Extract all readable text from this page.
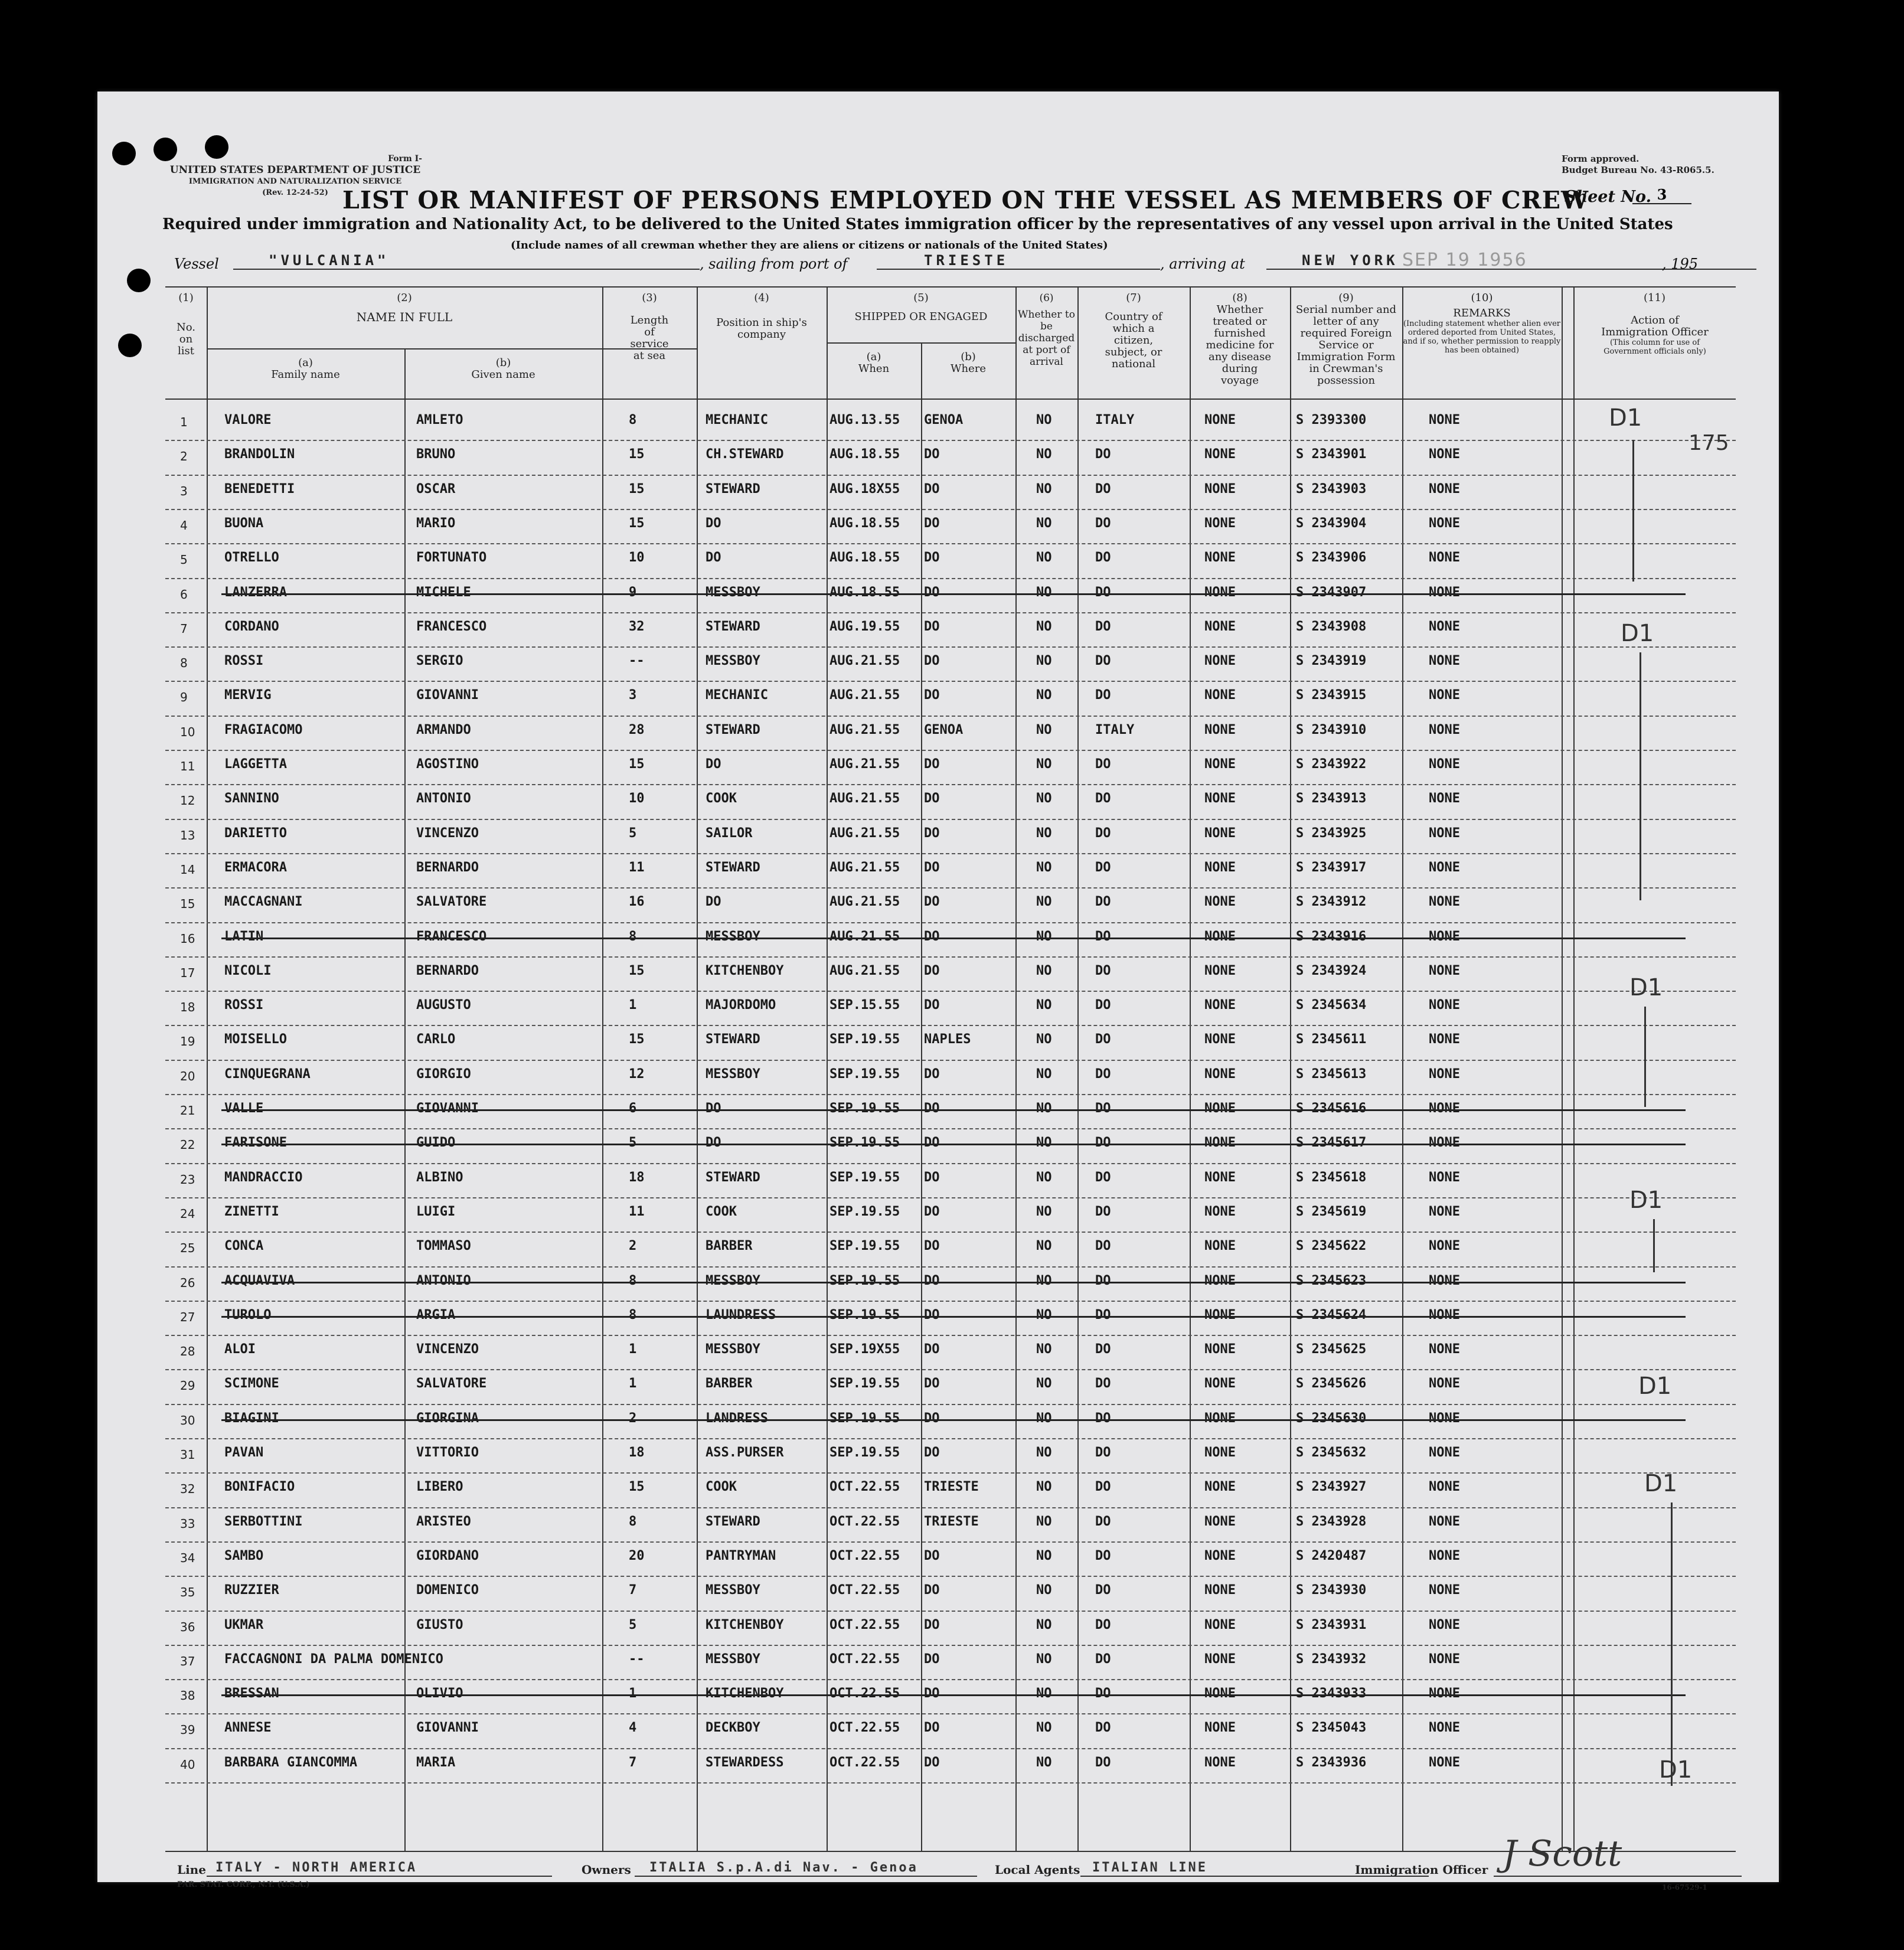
Form I-
UNITED STATES DEPARTMENT OF JUSTICE
IMMIGRATION AND NATURALIZATION SERVICE
(Rev. 12-24-52)
Form approved.
Budget Bureau No. 43-R065.5.
LIST OR MANIFEST OF PERSONS EMPLOYED ON THE VESSEL AS MEMBERS OF CREW
Sheet No. 3
Required under immigration and Nationality Act, to be delivered to the United States immigration officer by the representatives of any vessel upon arrival in the United States
(Include names of all crewman whether they are aliens or citizens or nationals of the United States)
Vessel	"VULCANIA"	, sailing from port of	TRIESTE	, arriving at	NEW YORK SEP 19 1956	, 195
(1)
No. on list
(2)
NAME IN FULL
(a)
Family name
(b)
Given name
(3)
Length of service at sea
(4)
Position in ship's company
(5)
SHIPPED OR ENGAGED
(a)
When
(b)
Where
(6)
Whether to be discharged at port of arrival
(7)
Country of which a citizen, subject, or national
(8)
Whether treated or furnished medicine for any disease during voyage
(9)
Serial number and letter of any required Foreign Service or Immigration Form in Crewman's possession
(10)
REMARKS
(Including statement whether alien ever ordered deported from United States, and if so, whether permission to reapply has been obtained)
(11)
Action of Immigration Officer
(This column for use of Government officials only)
1	VALORE	AMLETO	8	MECHANIC	AUG.13.55 GENOA	NO	ITALY	NONE	S 2393300	NONE
2	BRANDOLIN	BRUNO	15	CH.STEWARD	AUG.18.55 DO	NO	DO	NONE	S 2343901	NONE
3	BENEDETTI	OSCAR	15	STEWARD	AUG.18X55 DO	NO	DO	NONE	S 2343903	NONE
4	BUONA	MARIO	15	DO	AUG.18.55 DO	NO	DO	NONE	S 2343904	NONE
5	OTRELLO	FORTUNATO	10	DO	AUG.18.55 DO	NO	DO	NONE	S 2343906	NONE
6	LANZERRA	MICHELE	9	MESSBOY	AUG.18.55 DO	NO	DO	NONE	S 2343907	NONE
7	CORDANO	FRANCESCO	32	STEWARD	AUG.19.55 DO	NO	DO	NONE	S 2343908	NONE
8	ROSSI	SERGIO	--	MESSBOY	AUG.21.55 DO	NO	DO	NONE	S 2343919	NONE
9	MERVIG	GIOVANNI	3	MECHANIC	AUG.21.55 DO	NO	DO	NONE	S 2343915	NONE
10 FRAGIACOMO	ARMANDO	28	STEWARD	AUG.21.55 GENOA	NO	ITALY	NONE	S 2343910	NONE
11 LAGGETTA	AGOSTINO	15	DO	AUG.21.55 DO	NO	DO	NONE	S 2343922	NONE
12 SANNINO	ANTONIO	10	COOK	AUG.21.55 DO	NO	DO	NONE	S 2343913	NONE
13 DARIETTO	VINCENZO	5	SAILOR	AUG.21.55 DO	NO	DO	NONE	S 2343925	NONE
14 ERMACORA	BERNARDO	11	STEWARD	AUG.21.55 DO	NO	DO	NONE	S 2343917	NONE
15 MACCAGNANI	SALVATORE	16	DO	AUG.21.55 DO	NO	DO	NONE	S 2343912	NONE
16 LATIN	FRANCESCO	8	MESSBOY	AUG.21.55 DO	NO	DO	NONE	S 2343916	NONE
17 NICOLI	BERNARDO	15	KITCHENBOY	AUG.21.55 DO	NO	DO	NONE	S 2343924	NONE
18 ROSSI	AUGUSTO	1	MAJORDOMO	SEP.15.55 DO	NO	DO	NONE	S 2345634	NONE
19 MOISELLO	CARLO	15	STEWARD	SEP.19.55 NAPLES	NO	DO	NONE	S 2345611	NONE
20 CINQUEGRANA	GIORGIO	12	MESSBOY	SEP.19.55 DO	NO	DO	NONE	S 2345613	NONE
21 VALLE	GIOVANNI	6	DO	SEP.19.55 DO	NO	DO	NONE	S 2345616	NONE
22 FARISONE	GUIDO	5	DO	SEP.19.55 DO	NO	DO	NONE	S 2345617	NONE
23 MANDRACCIO	ALBINO	18	STEWARD	SEP.19.55 DO	NO	DO	NONE	S 2345618	NONE
24 ZINETTI	LUIGI	11	COOK	SEP.19.55 DO	NO	DO	NONE	S 2345619	NONE
25 CONCA	TOMMASO	2	BARBER	SEP.19.55 DO	NO	DO	NONE	S 2345622	NONE
26 ACQUAVIVA	ANTONIO	8	MESSBOY	SEP.19.55 DO	NO	DO	NONE	S 2345623	NONE
27 TUROLO	ARGIA	8	LAUNDRESS	SEP.19.55 DO	NO	DO	NONE	S 2345624	NONE
28 ALOI	VINCENZO	1	MESSBOY	SEP.19X55 DO	NO	DO	NONE	S 2345625	NONE
29 SCIMONE	SALVATORE	1	BARBER	SEP.19.55 DO	NO	DO	NONE	S 2345626	NONE
30 BIAGINI	GIORGINA	2	LANDRESS	SEP.19.55 DO	NO	DO	NONE	S 2345630	NONE
31 PAVAN	VITTORIO	18	ASS.PURSER	SEP.19.55 DO	NO	DO	NONE	S 2345632	NONE
32 BONIFACIO	LIBERO	15	COOK	OCT.22.55 TRIESTE	NO	DO	NONE	S 2343927	NONE
33 SERBOTTINI	ARISTEO	8	STEWARD	OCT.22.55 TRIESTE	NO	DO	NONE	S 2343928	NONE
34 SAMBO	GIORDANO	20	PANTRYMAN	OCT.22.55 DO	NO	DO	NONE	S 2420487	NONE
35 RUZZIER	DOMENICO	7	MESSBOY	OCT.22.55 DO	NO	DO	NONE	S 2343930	NONE
36 UKMAR	GIUSTO	5	KITCHENBOY	OCT.22.55 DO	NO	DO	NONE	S 2343931	NONE
37 FACCAGNONI DA PALMA DOMENICO	--	MESSBOY	OCT.22.55 DO	NO	DO	NONE	S 2343932	NONE
38 BRESSAN	OLIVIO	1	KITCHENBOY	OCT.22.55 DO	NO	DO	NONE	S 2343933	NONE
39 ANNESE	GIOVANNI	4	DECKBOY	OCT.22.55 DO	NO	DO	NONE	S 2345043	NONE
40 BARBARA GIANCOMMA	MARIA	7	STEWARDESS	OCT.22.55 DO	NO	DO	NONE	S 2343936	NONE
D1
175
D1
D1
D1
D1
D1
D1
Line ITALY - NORTH AMERICA	Owners ITALIA S.p.A.di Nav. - Genoa	Local Agents ITALIAN LINE	Immigration Officer J Scott
PAR. STAT. CORP., N.Y. (U.S.A.)	16-67529-1
